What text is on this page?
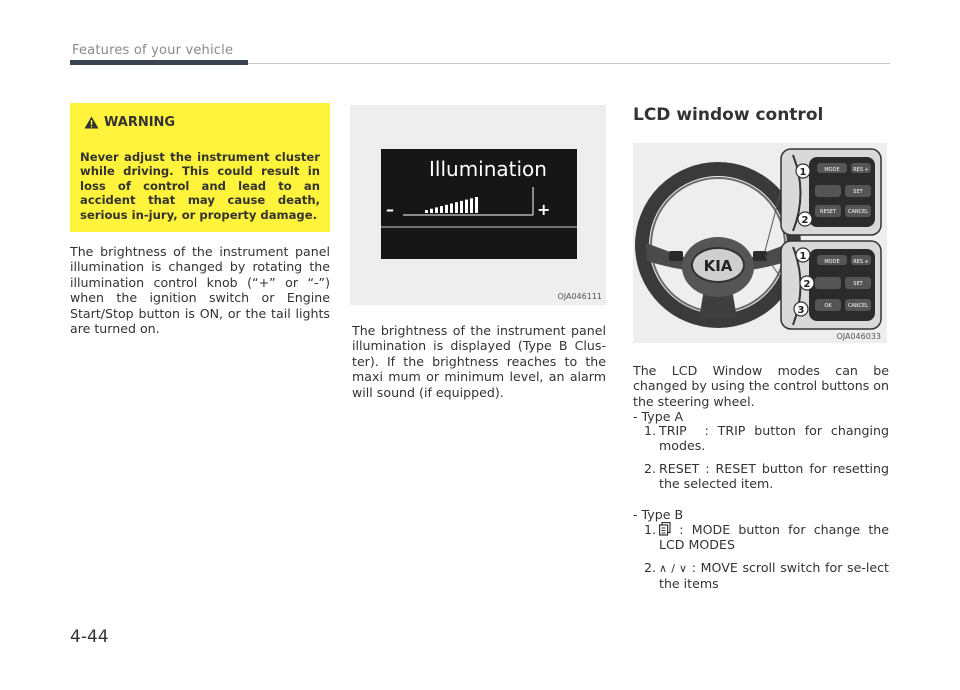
Features of your vehicle
WARNING
Never adjust the instrument cluster while driving. This could result in loss of control and lead to an accident that may cause death, serious in-jury, or property damage.

The brightness of the instrument panel illumination is changed by rotating the illumination control knob (“+” or “-”) when the ignition switch or Engine Start/Stop button is ON, or the tail lights are turned on.

Illumination
–	+
OJA046111

The brightness of the instrument panel illumination is displayed (Type B Clus-ter). If the brightness reaches to the maxi mum or minimum level, an alarm will sound (if equipped).

LCD window control
KIA
MODE	RES +
SET
RESET CANCEL
1
2
MODE	RES +
SET
OK	CANCEL
1
2
3
OJA046033

The LCD Window modes can be changed by using the control buttons on the steering wheel.

- Type A
1. TRIP  : TRIP button for changing modes.
2. RESET : RESET button for resetting the selected item.
- Type B
1.	: MODE button for change the LCD MODES
2. ∧ / ∨ : MOVE scroll switch for se-lect the items
4-44
